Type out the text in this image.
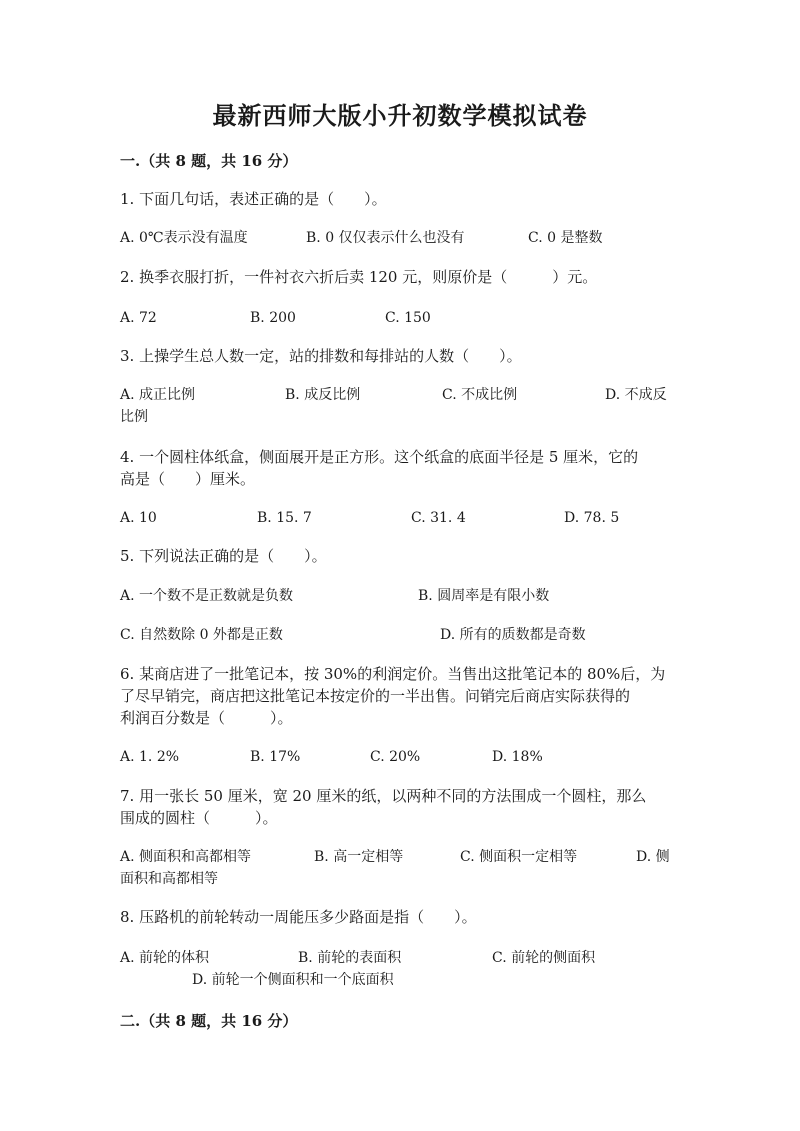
最新西师大版小升初数学模拟试卷
一.（共 8 题，共 16 分）
1. 下面几句话，表述正确的是（　　）。
A. 0℃表示没有温度	B. 0 仅仅表示什么也没有	C. 0 是整数
2. 换季衣服打折，一件衬衣六折后卖 120 元，则原价是（　　　）元。
A. 72	B. 200	C. 150
3. 上操学生总人数一定，站的排数和每排站的人数（　　）。
A. 成正比例	B. 成反比例	C. 不成比例	D. 不成反
比例
4. 一个圆柱体纸盒，侧面展开是正方形。这个纸盒的底面半径是 5 厘米，它的
高是（　　）厘米。
A. 10	B. 15. 7	C. 31. 4	D. 78. 5
5. 下列说法正确的是（　　）。
A. 一个数不是正数就是负数	B. 圆周率是有限小数
C. 自然数除 0 外都是正数	D. 所有的质数都是奇数
6. 某商店进了一批笔记本，按 30%的利润定价。当售出这批笔记本的 80%后，为
了尽早销完，商店把这批笔记本按定价的一半出售。问销完后商店实际获得的
利润百分数是（　　　）。
A. 1. 2%	B. 17%	C. 20%	D. 18%
7. 用一张长 50 厘米，宽 20 厘米的纸，以两种不同的方法围成一个圆柱，那么
围成的圆柱（　　　）。
A. 侧面积和高都相等	B. 高一定相等	C. 侧面积一定相等	D. 侧
面积和高都相等
8. 压路机的前轮转动一周能压多少路面是指（　　）。
A. 前轮的体积	B. 前轮的表面积	C. 前轮的侧面积
D. 前轮一个侧面积和一个底面积
二.（共 8 题，共 16 分）
